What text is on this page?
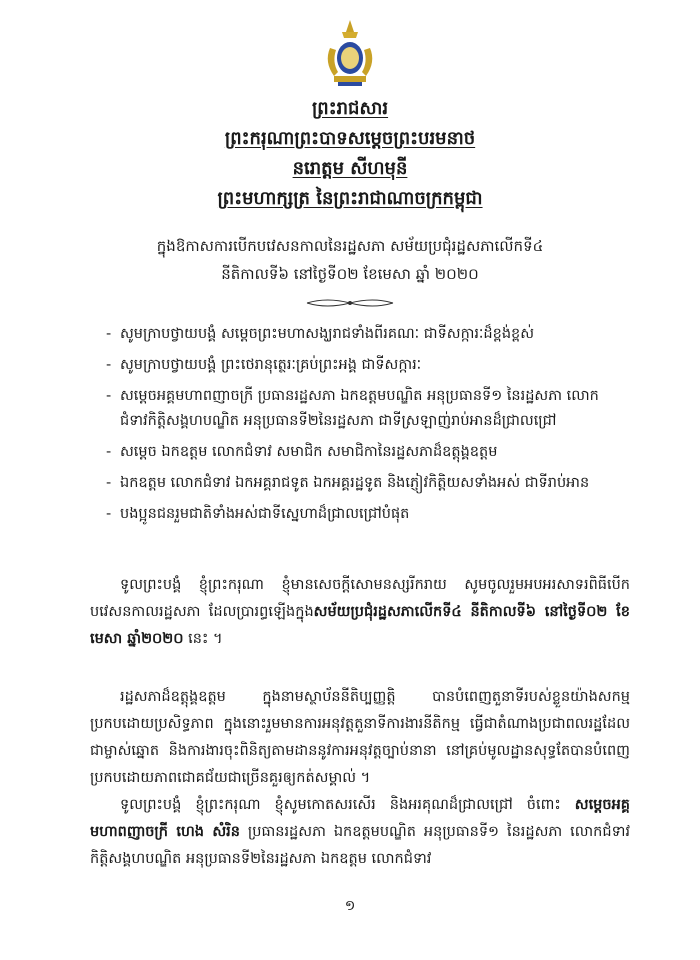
ព្រះរាជសារ
ព្រះករុណាព្រះបាទសម្ដេចព្រះបរមនាថ
នរោត្តម សីហមុនី
ព្រះមហាក្សត្រ នៃព្រះរាជាណាចក្រកម្ពុជា
ក្នុងឱកាសការបើកបវេសនកាលនៃរដ្ឋសភា សម័យប្រជុំរដ្ឋសភាលើកទី៤
នីតិកាលទី៦ នៅថ្ងៃទី០២ ខែមេសា ឆ្នាំ ២០២០
- សូមក្រាបថ្វាយបង្គំ សម្តេចព្រះមហាសង្ឃរាជទាំងពីរគណៈ ជាទីសក្ការៈដ៏ខ្ពង់ខ្ពស់
- សូមក្រាបថ្វាយបង្គំ ព្រះថេរានុត្ថេរៈគ្រប់ព្រះអង្គ ជាទីសក្ការៈ
- សម្តេចអគ្គមហាពញាចក្រី ប្រធានរដ្ឋសភា ឯកឧត្តមបណ្ឌិត អនុប្រធានទី១ នៃរដ្ឋសភា លោកជំទាវកិត្តិសង្គហបណ្ឌិត អនុប្រធានទី២នៃរដ្ឋសភា ជាទីស្រឡាញ់រាប់អានដ៏ជ្រាលជ្រៅ
- សម្តេច ឯកឧត្តម លោកជំទាវ សមាជិក សមាជិកានៃរដ្ឋសភាដ៏ឧត្តុង្គឧត្តម
- ឯកឧត្តម លោកជំទាវ ឯកអគ្គរាជទូត ឯកអគ្គរដ្ឋទូត និងភ្ញៀវកិត្តិយសទាំងអស់ ជាទីរាប់អាន
- បងប្អូនជនរួមជាតិទាំងអស់ជាទីស្នេហាដ៏ជ្រាលជ្រៅបំផុត

ទូលព្រះបង្គំ ខ្ញុំព្រះករុណា ខ្ញុំមានសេចក្តីសោមនស្សរីករាយ សូមចូលរួមអបអរសាទរពិធីបើកបវេសនកាលរដ្ឋសភា ដែលប្រារព្ធឡើងក្នុងសម័យប្រជុំរដ្ឋសភាលើកទី៤ នីតិកាលទី៦ នៅថ្ងៃទី០២ ខែមេសា ឆ្នាំ២០២០ នេះ ។

រដ្ឋសភាដ៏ឧត្តុង្គឧត្តម ក្នុងនាមស្ថាប័ននីតិប្បញ្ញត្តិ បានបំពេញតួនាទីរបស់ខ្លួនយ៉ាងសកម្ម ប្រកបដោយប្រសិទ្ធភាព ក្នុងនោះរួមមានការអនុវត្តតួនាទីការងារនីតិកម្ម ធ្វើជាតំណាងប្រជាពលរដ្ឋដែលជាម្ចាស់ឆ្នោត និងការងារចុះពិនិត្យតាមដាននូវការអនុវត្តច្បាប់នានា នៅគ្រប់មូលដ្ឋានសុទ្ធតែបានបំពេញប្រកបដោយភាពជោគជ័យជាច្រើនគួរឲ្យកត់សម្គាល់ ។

ទូលព្រះបង្គំ ខ្ញុំព្រះករុណា ខ្ញុំសូមកោតសរសើរ និងអរគុណដ៏ជ្រាលជ្រៅ ចំពោះ សម្តេចអគ្គមហាពញាចក្រី ហេង សំរិន ប្រធានរដ្ឋសភា ឯកឧត្តមបណ្ឌិត អនុប្រធានទី១ នៃរដ្ឋសភា លោកជំទាវកិត្តិសង្គហបណ្ឌិត អនុប្រធានទី២នៃរដ្ឋសភា ឯកឧត្តម លោកជំទាវ

១
